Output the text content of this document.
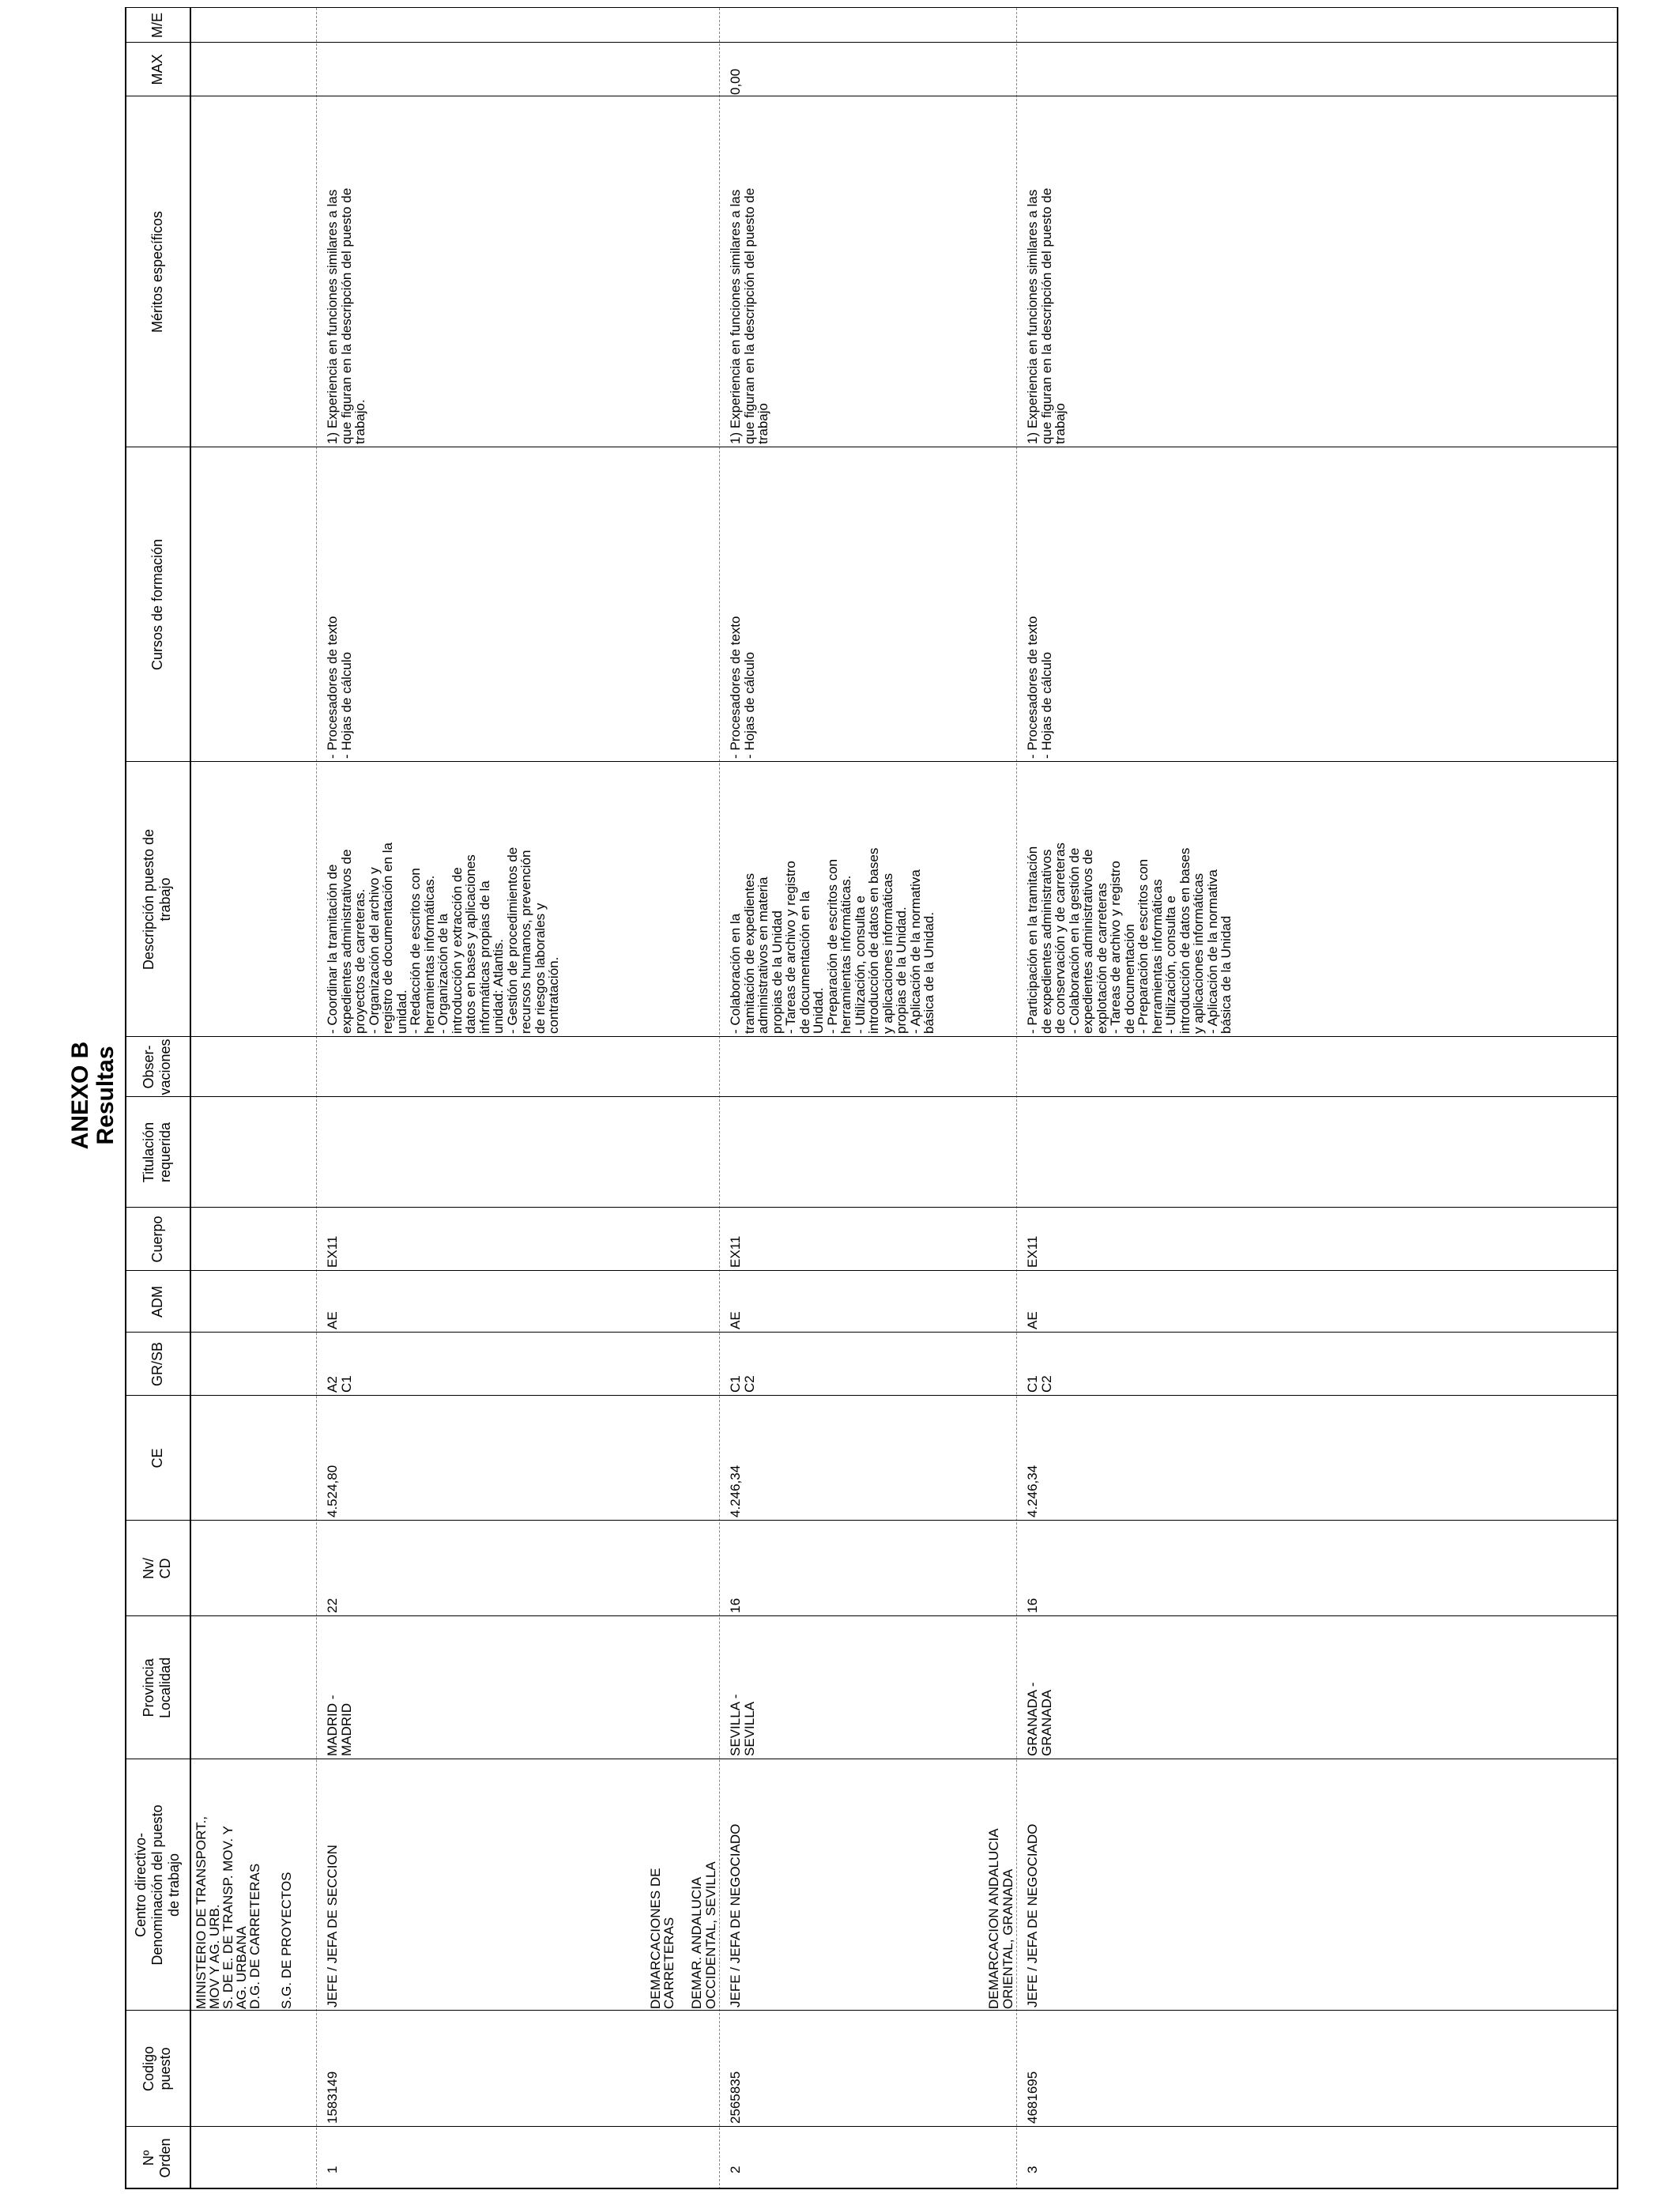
ANEXO B Resultas
Nº
Orden
Codigo
puesto
Centro directivo-
Denominación del puesto
de trabajo
Provincia
Localidad
Nv/
CD
CE
GR/SB
ADM
Cuerpo
Titulación
requerida
Obser-
vaciones
Descripción puesto de
trabajo
Cursos de formación
Méritos específicos
MAX
M/E
MINISTERIO DE TRANSPORT.,
MOV Y AG. URB.
S. DE E. DE TRANSP. MOV. Y
AG. URBANA
D.G. DE CARRETERAS S.G. DE PROYECTOS
1
1583149
JEFE / JEFA DE SECCION
MADRID -
MADRID
22
4.524,80
A2
C1
AE
EX11
- Coordinar la tramitación de
expedientes administrativos de
proyectos de carreteras.
- Organización del archivo y
registro de documentación en la
unidad.
- Redacción de escritos con
herramientas informáticas.
- Organización de la
introducción y extracción de
datos en bases y aplicaciones
informáticas propias de la
unidad: Atlantis.
- Gestión de procedimientos de
recursos humanos, prevención
de riesgos laborales y
contratación.
- Procesadores de texto
- Hojas de cálculo
1) Experiencia en funciones similares a las
que figuran en la descripción del puesto de
trabajo.
DEMARCACIONES DE
CARRETERAS

DEMAR. ANDALUCIA
OCCIDENTAL, SEVILLA
2
2565835
JEFE / JEFA DE NEGOCIADO
SEVILLA -
SEVILLA
16
4.246,34
C1
C2
AE
EX11
- Colaboración en la
tramitación de expedientes
administrativos en materia
propias de la Unidad
- Tareas de archivo y registro
de documentación en la
Unidad.
- Preparación de escritos con
herramientas informáticas.
- Utilización, consulta e
introducción de datos en bases
y aplicaciones informáticas
propias de la Unidad.
- Aplicación de la normativa
básica de la Unidad.
- Procesadores de texto
- Hojas de cálculo
1) Experiencia en funciones similares a las
que figuran en la descripción del puesto de
trabajo
0,00
DEMARCACION ANDALUCIA
ORIENTAL, GRANADA
3
4681695
JEFE / JEFA DE NEGOCIADO
GRANADA -
GRANADA
16
4.246,34
C1
C2
AE
EX11
- Participación en la tramitación
de expedientes administrativos
de conservación y de carreteras
- Colaboración en la gestión de
expedientes administrativos de
explotación de carreteras
- Tareas de archivo y registro
de documentación
- Preparación de escritos con
herramientas informáticas
- Utilización, consulta e
introducción de datos en bases
y aplicaciones informáticas
- Aplicación de la normativa
básica de la Unidad
- Procesadores de texto
- Hojas de cálculo
1) Experiencia en funciones similares a las
que figuran en la descripción del puesto de
trabajo
